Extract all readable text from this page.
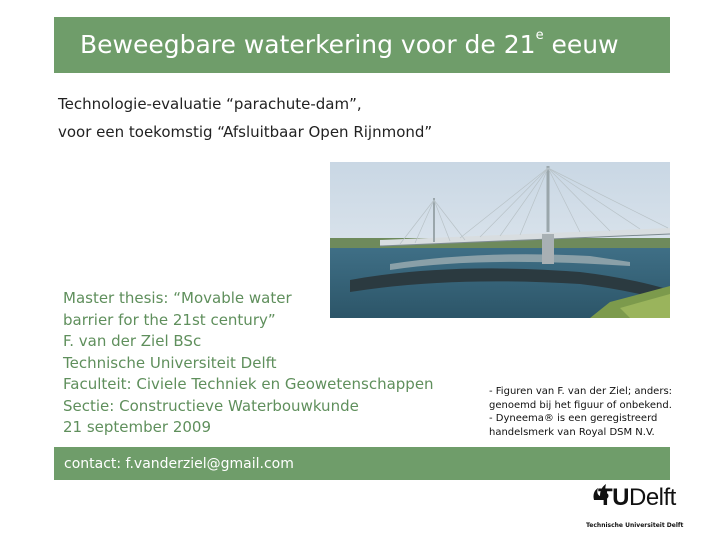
Beweegbare waterkering voor de 21e eeuw
Technologie-evaluatie “parachute-dam”,
voor een toekomstig “Afsluitbaar Open Rijnmond”
Master thesis: “Movable water
barrier for the 21st century”
F. van der Ziel BSc
Technische Universiteit Delft
Faculteit: Civiele Techniek en Geowetenschappen
Sectie: Constructieve Waterbouwkunde
21 september 2009
- Figuren van F. van der Ziel; anders:
genoemd bij het figuur of onbekend.
- Dyneema® is een geregistreerd
handelsmerk van Royal DSM N.V.
contact: f.vanderziel@gmail.com
TUDelft
Technische Universiteit Delft
